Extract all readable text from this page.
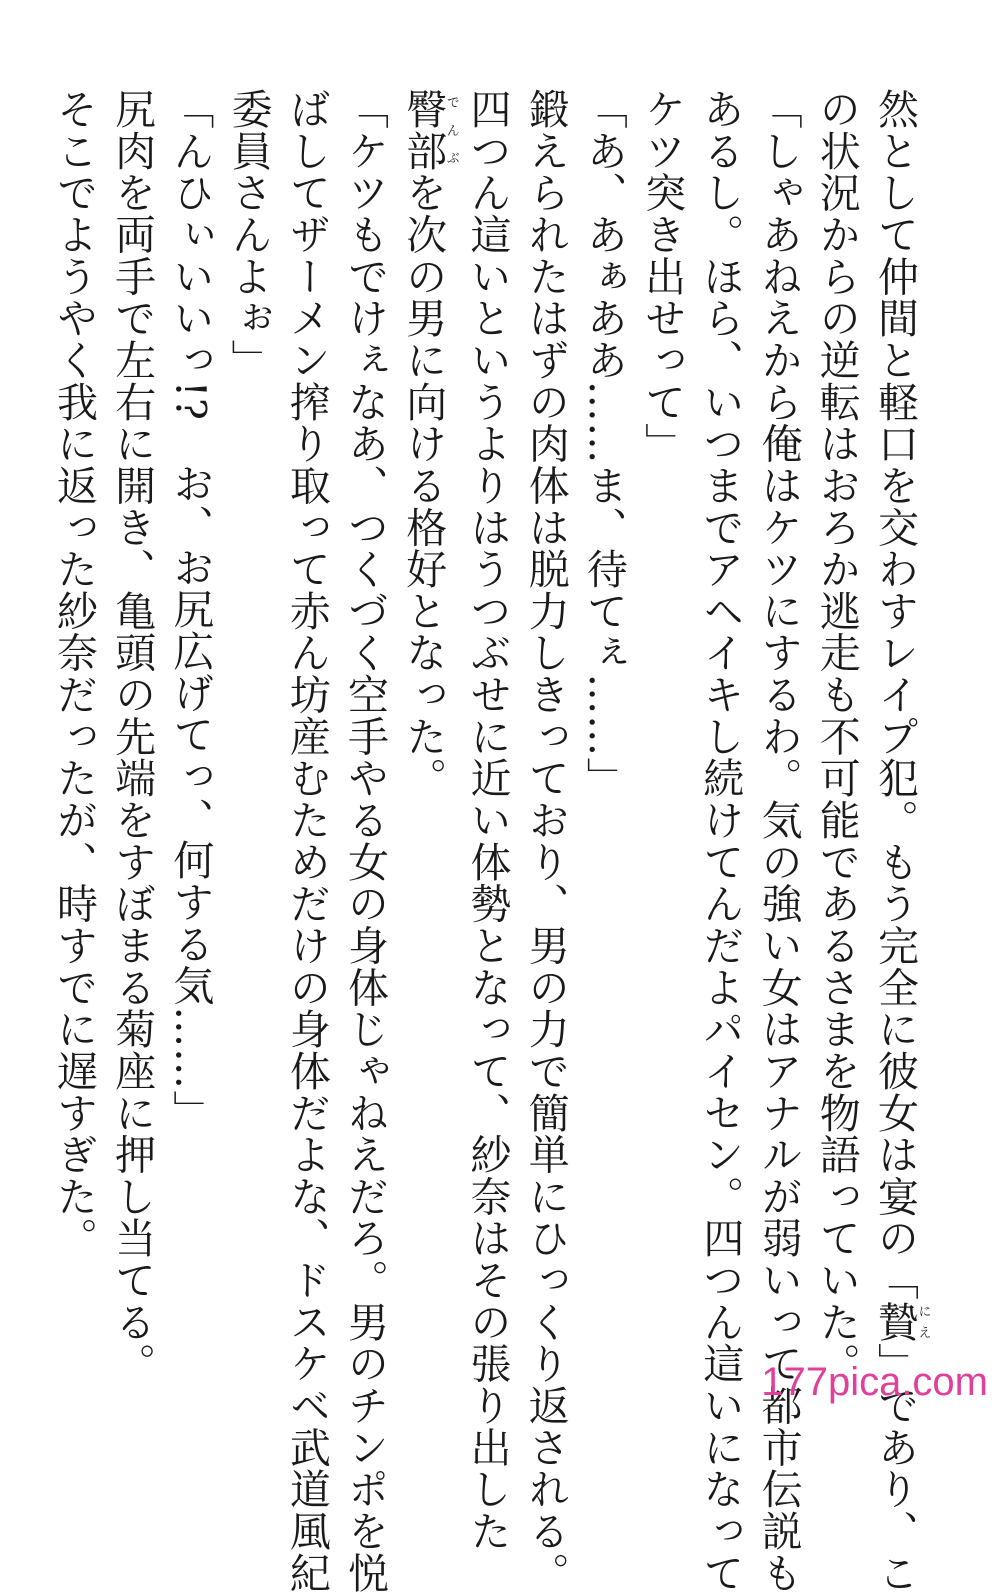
然として仲間と軽口を交わすレイプ犯。もう完全に彼女は宴の「贄にえ」であり、こ
の状況からの逆転はおろか逃走も不可能であるさまを物語っていた。
「しゃあねえから俺はケツにするわ。気の強い女はアナルが弱いって都市伝説も
あるし。ほら、いつまでアヘイキし続けてんだよパイセン。四つん這いになって
ケツ突き出せって」
「あ、あぁああ……ま、待てぇ……」
鍛えられたはずの肉体は脱力しきっており、男の力で簡単にひっくり返される。
四つん這いというよりはうつぶせに近い体勢となって、紗奈はその張り出した
臀部でんぶを次の男に向ける格好となった。
「ケツもでけぇなあ、つくづく空手やる女の身体じゃねえだろ。男のチンポを悦
ばしてザーメン搾り取って赤ん坊産むためだけの身体だよな、ドスケベ武道風紀
委員さんよぉ」
「んひぃいいっ!?　お、お尻広げてっ、何する気……」
尻肉を両手で左右に開き、亀頭の先端をすぼまる菊座に押し当てる。
そこでようやく我に返った紗奈だったが、時すでに遅すぎた。
177pica.com
